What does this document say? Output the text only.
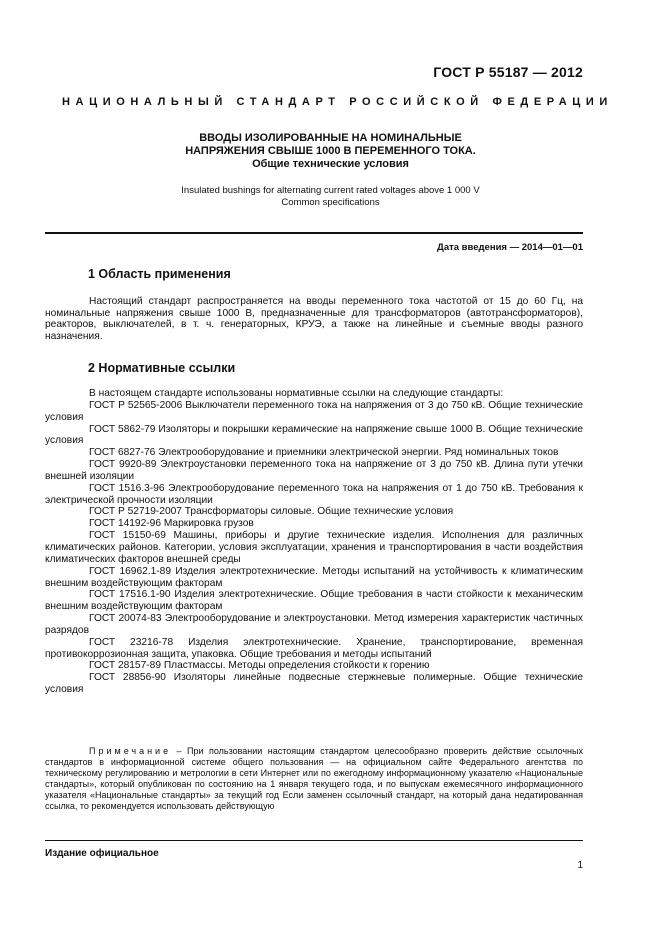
ГОСТ Р 55187 — 2012
НАЦИОНАЛЬНЫЙ СТАНДАРТ РОССИЙСКОЙ ФЕДЕРАЦИИ
ВВОДЫ ИЗОЛИРОВАННЫЕ НА НОМИНАЛЬНЫЕ
НАПРЯЖЕНИЯ СВЫШЕ 1000 В ПЕРЕМЕННОГО ТОКА.
Общие технические условия
Insulated bushings for alternating current rated voltages above 1 000 V
Common specifications
Дата введения — 2014—01—01
1 Область применения
Настоящий стандарт распространяется на вводы переменного тока частотой от 15 до 60 Гц, на номинальные напряжения свыше 1000 В, предназначенные для трансформаторов (автотрансформаторов), реакторов, выключателей, в т. ч. генераторных, КРУЭ, а также на линейные и съемные вводы разного назначения.
2 Нормативные ссылки

В настоящем стандарте использованы нормативные ссылки на следующие стандарты:

ГОСТ Р 52565-2006 Выключатели переменного тока на напряжения от 3 до 750 кВ. Общие технические условия

ГОСТ 5862-79 Изоляторы и покрышки керамические на напряжение свыше 1000 В. Общие технические условия

ГОСТ 6827-76 Электрооборудование и приемники электрической энергии. Ряд номинальных токов

ГОСТ 9920-89 Электроустановки переменного тока на напряжение от 3 до 750 кВ. Длина пути утечки внешней изоляции

ГОСТ 1516.3-96 Электрооборудование переменного тока на напряжения от 1 до 750 кВ. Требования к электрической прочности изоляции

ГОСТ Р 52719-2007 Трансформаторы силовые. Общие технические условия

ГОСТ 14192-96 Маркировка грузов

ГОСТ 15150-69 Машины, приборы и другие технические изделия. Исполнения для различных климатических районов. Категории, условия эксплуатации, хранения и транспортирования в части воздействия климатических факторов внешней среды

ГОСТ 16962.1-89 Изделия электротехнические. Методы испытаний на устойчивость к климатическим внешним воздействующим факторам

ГОСТ 17516.1-90 Изделия электротехнические. Общие требования в части стойкости к механическим внешним воздействующим факторам

ГОСТ 20074-83 Электрооборудование и электроустановки. Метод измерения характеристик частичных разрядов

ГОСТ 23216-78 Изделия электротехнические. Хранение, транспортирование, временная противокоррозионная защита, упаковка. Общие требования и методы испытаний

ГОСТ 28157-89 Пластмассы. Методы определения стойкости к горению

ГОСТ 28856-90 Изоляторы линейные подвесные стержневые полимерные. Общие технические условия

Примечание – При пользовании настоящим стандартом целесообразно проверить действие ссылочных стандартов в информационной системе общего пользования — на официальном сайте Федерального агентства по техническому регулированию и метрологии в сети Интернет или по ежегодному информационному указателю «Национальные стандарты», который опубликован по состоянию на 1 января текущего года, и по выпускам ежемесячного информационного указателя «Национальные стандарты» за текущий год Если заменен ссылочный стандарт, на который дана недатированная ссылка, то рекомендуется использовать действующую
Издание официальное
1
